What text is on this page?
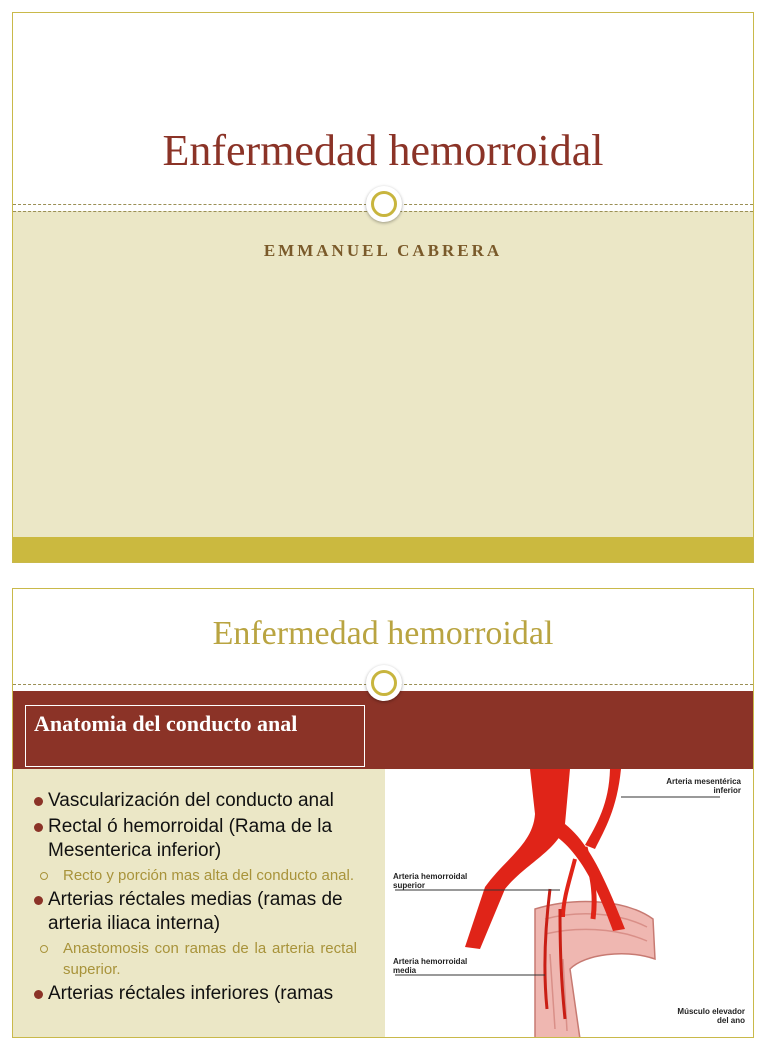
Enfermedad hemorroidal
EMMANUEL CABRERA
Enfermedad hemorroidal
Anatomia del conducto anal
Vascularización del conducto anal
Rectal ó hemorroidal (Rama de la Mesenterica inferior)
Recto y porción mas alta del conducto anal.
Arterias réctales medias (ramas de arteria iliaca interna)
Anastomosis con ramas de la arteria rectal superior.
Arterias réctales inferiores (ramas
Arteria mesentérica inferior
Arteria hemorroidal superior
Arteria hemorroidal media
Músculo elevador del ano
